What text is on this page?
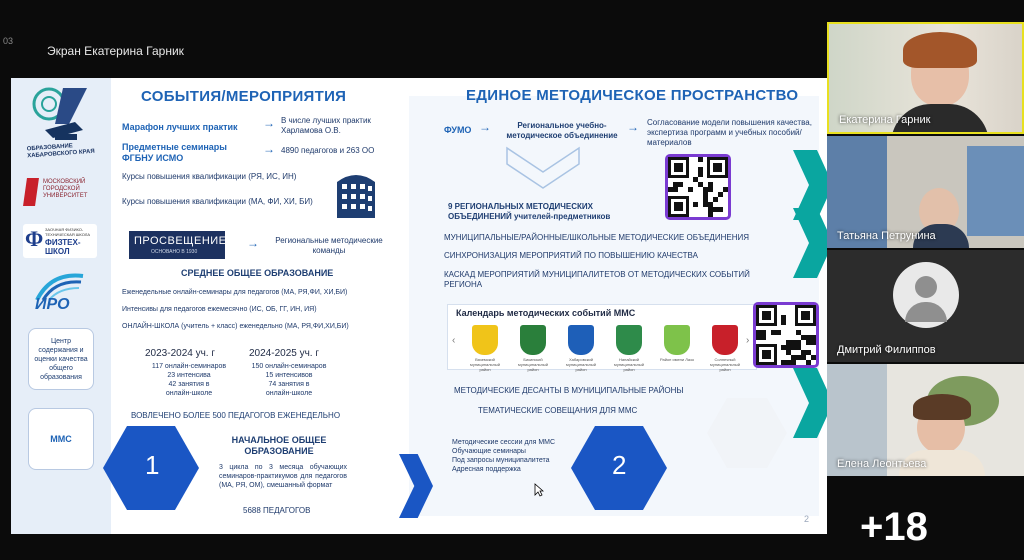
03
Экран Екатерина Гарник
ОБРАЗОВАНИЕ ХАБАРОВСКОГО КРАЯ
МОСКОВСКИЙ ГОРОДСКОЙ УНИВЕРСИТЕТ
Φ ЗАОЧНАЯ ФИЗИКО-ТЕХНИЧЕСКАЯ ШКОЛА
ФИЗТЕХ-ШКОЛ
ИРО
Центр содержания и оценки качества общего образования
ММС
СОБЫТИЯ/МЕРОПРИЯТИЯ	ЕДИНОЕ МЕТОДИЧЕСКОЕ ПРОСТРАНСТВО
Марафон лучших практик → В числе лучших практик Харламова О.В.
Предметные семинары ФГБНУ ИСМО
→ 4890 педагогов и 263 ОО
Курсы повышения квалификации (РЯ, ИС, ИН)
Курсы повышения квалификации (МА, ФИ, ХИ, БИ)
ПРОСВЕЩЕНИЕ
ОСНОВАНО В 1930
→	Региональные методические команды
СРЕДНЕЕ ОБЩЕЕ ОБРАЗОВАНИЕ
Еженедельные онлайн-семинары для педагогов (МА, РЯ,ФИ, ХИ,БИ)
Интенсивы для педагогов ежемесячно (ИС, ОБ, ГГ, ИН, ИЯ)
ОНЛАЙН-ШКОЛА (учитель + класс) еженедельно (МА, РЯ,ФИ,ХИ,БИ)
2023-2024 уч. г
117 онлайн-семинаров
23 интенсива
42 занятия в
онлайн-школе
2024-2025 уч. г
150 онлайн-семинаров
15 интенсивов
74 занятия в
онлайн-школе
ВОВЛЕЧЕНО БОЛЕЕ 500 ПЕДАГОГОВ ЕЖЕНЕДЕЛЬНО
1
НАЧАЛЬНОЕ ОБЩЕЕ
ОБРАЗОВАНИЕ
3 цикла по 3 месяца обучающих семинаров-практикумов для педагогов (МА, РЯ, ОМ), смешанный формат
5688 ПЕДАГОГОВ
ФУМО →	Региональное учебно-методическое объединение
→ Согласование модели повышения качества, экспертиза программ и учебных пособий/материалов
9 РЕГИОНАЛЬНЫХ МЕТОДИЧЕСКИХ
ОБЪЕДИНЕНИЙ учителей-предметников
МУНИЦИПАЛЬНЫЕ/РАЙОННЫЕ/ШКОЛЬНЫЕ МЕТОДИЧЕСКИЕ ОБЪЕДИНЕНИЯ
СИНХРОНИЗАЦИЯ МЕРОПРИЯТИЙ ПО ПОВЫШЕНИЮ КАЧЕСТВА
КАСКАД МЕРОПРИЯТИЙ МУНИЦИПАЛИТЕТОВ ОТ МЕТОДИЧЕСКИХ СОБЫТИЙ РЕГИОНА
Календарь методических событий ММС
‹	›
Вяземский муниципальный район
Бикинский муниципальный район
Хабаровский муниципальный район
Нанайский муниципальный район
Район имени Лазо	Солнечный муниципальный район
МЕТОДИЧЕСКИЕ ДЕСАНТЫ В МУНИЦИПАЛЬНЫЕ РАЙОНЫ
ТЕМАТИЧЕСКИЕ СОВЕЩАНИЯ ДЛЯ ММС
Методические сессии для ММС
Обучающие семинары
Под запросы муниципалитета
Адресная поддержка	2
2
Екатерина Гарник
Татьяна Петрунина
Дмитрий Филиппов
Елена Леонтьева
+18
